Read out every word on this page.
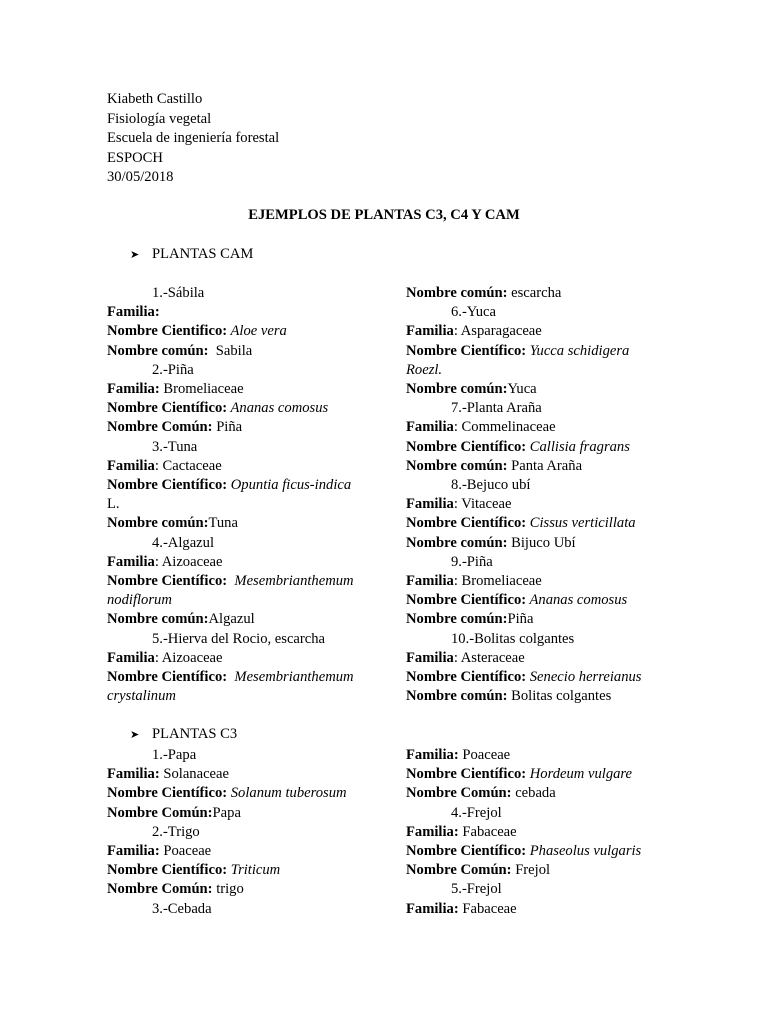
Kiabeth Castillo
Fisiología vegetal
Escuela de ingeniería forestal
ESPOCH
30/05/2018
EJEMPLOS DE PLANTAS C3, C4 Y CAM
➤ PLANTAS CAM
1.-Sábila
Familia:
Nombre Cientifico: Aloe vera
Nombre común:  Sabila
2.-Piña
Familia: Bromeliaceae
Nombre Científico: Ananas comosus
Nombre Común: Piña
3.-Tuna
Familia: Cactaceae
Nombre Científico: Opuntia ficus-indica
L.
Nombre común:Tuna
4.-Algazul
Familia: Aizoaceae
Nombre Científico:  Mesembrianthemum
nodiflorum
Nombre común:Algazul
5.-Hierva del Rocio, escarcha
Familia: Aizoaceae
Nombre Científico:  Mesembrianthemum
crystalinum
Nombre común: escarcha
6.-Yuca
Familia: Asparagaceae
Nombre Científico: Yucca schidigera
Roezl.
Nombre común:Yuca
7.-Planta Araña
Familia: Commelinaceae
Nombre Científico: Callisia fragrans
Nombre común: Panta Araña
8.-Bejuco ubí
Familia: Vitaceae
Nombre Científico: Cissus verticillata
Nombre común: Bijuco Ubí
9.-Piña
Familia: Bromeliaceae
Nombre Científico: Ananas comosus
Nombre común:Piña
10.-Bolitas colgantes
Familia: Asteraceae
Nombre Científico: Senecio herreianus
Nombre común: Bolitas colgantes
➤ PLANTAS C3
1.-Papa
Familia: Solanaceae
Nombre Científico: Solanum tuberosum
Nombre Común:Papa
2.-Trigo
Familia: Poaceae
Nombre Científico: Triticum
Nombre Común: trigo
3.-Cebada
Familia: Poaceae
Nombre Científico: Hordeum vulgare
Nombre Común: cebada
4.-Frejol
Familia: Fabaceae
Nombre Científico: Phaseolus vulgaris
Nombre Común: Frejol
5.-Frejol
Familia: Fabaceae
